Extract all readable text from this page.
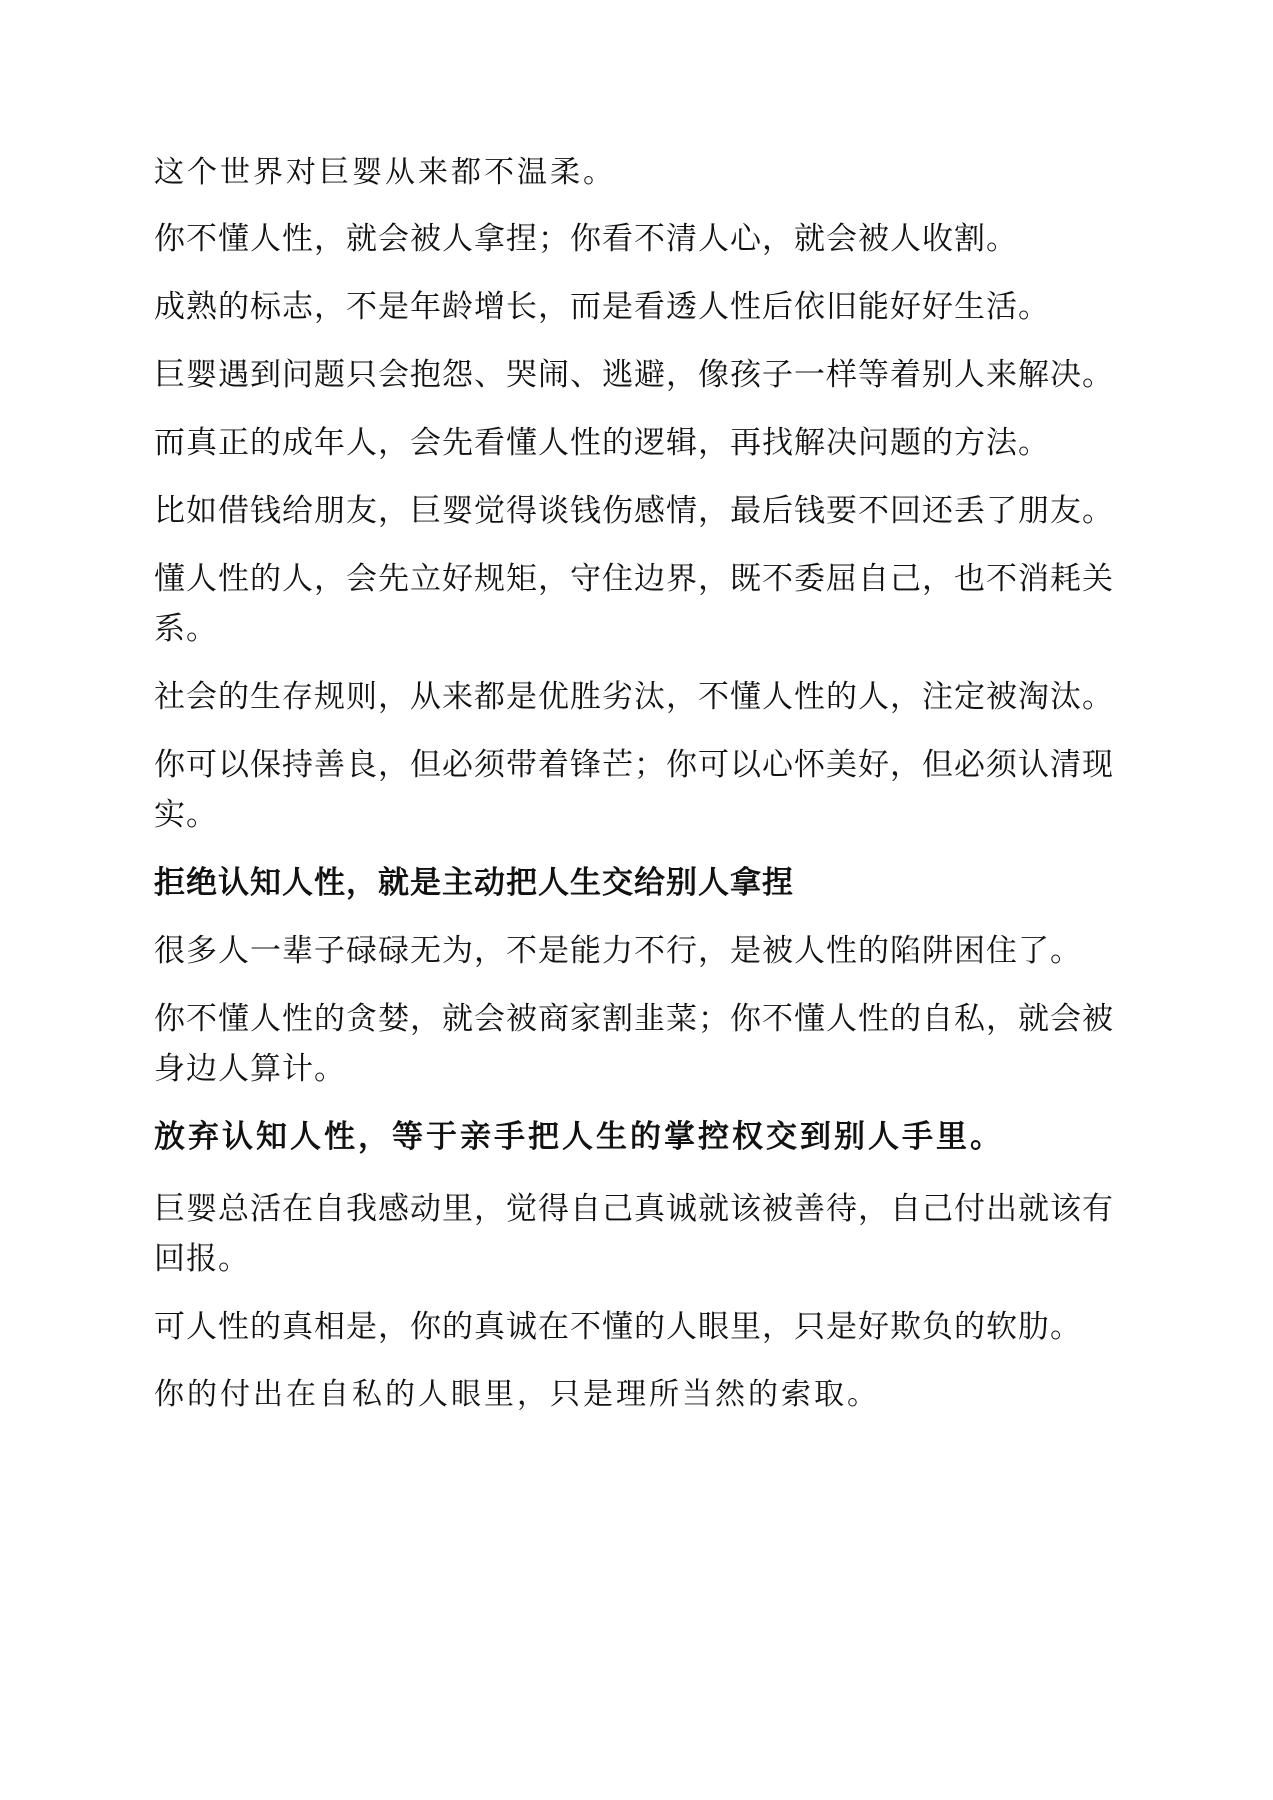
这个世界对巨婴从来都不温柔。

你不懂人性，就会被人拿捏；你看不清人心，就会被人收割。

成熟的标志，不是年龄增长，而是看透人性后依旧能好好生活。

巨婴遇到问题只会抱怨、哭闹、逃避，像孩子一样等着别人来解决。

而真正的成年人，会先看懂人性的逻辑，再找解决问题的方法。

比如借钱给朋友，巨婴觉得谈钱伤感情，最后钱要不回还丢了朋友。

懂人性的人，会先立好规矩，守住边界，既不委屈自己，也不消耗关系。

社会的生存规则，从来都是优胜劣汰，不懂人性的人，注定被淘汰。

你可以保持善良，但必须带着锋芒；你可以心怀美好，但必须认清现实。

拒绝认知人性，就是主动把人生交给别人拿捏

很多人一辈子碌碌无为，不是能力不行，是被人性的陷阱困住了。

你不懂人性的贪婪，就会被商家割韭菜；你不懂人性的自私，就会被身边人算计。

放弃认知人性，等于亲手把人生的掌控权交到别人手里。

巨婴总活在自我感动里，觉得自己真诚就该被善待，自己付出就该有回报。

可人性的真相是，你的真诚在不懂的人眼里，只是好欺负的软肋。

你的付出在自私的人眼里，只是理所当然的索取。
